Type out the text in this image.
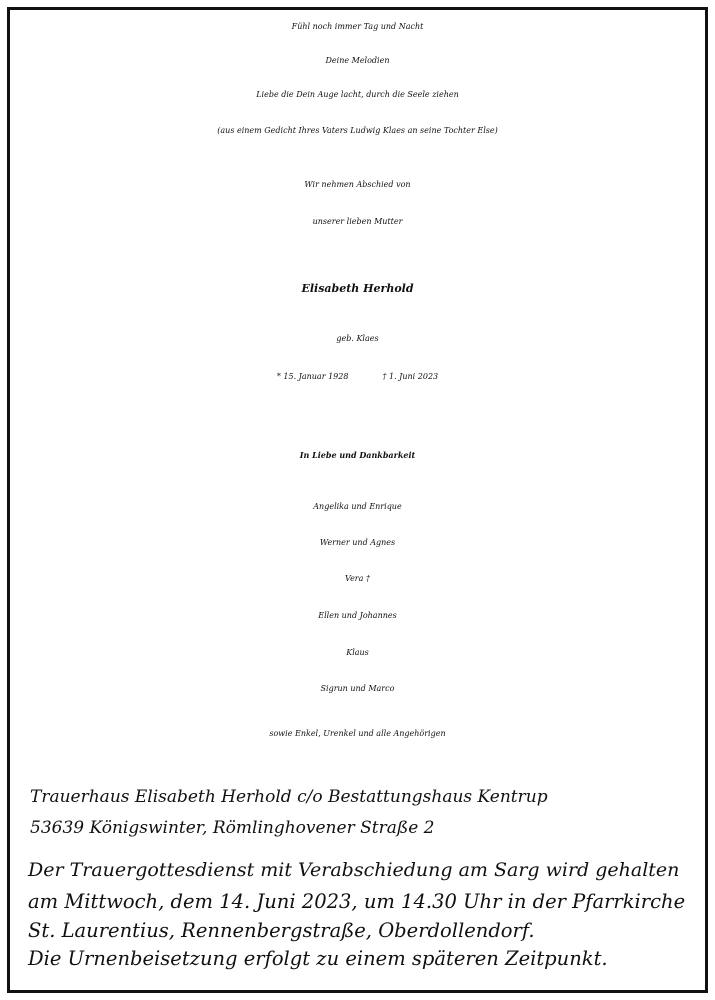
Fühl noch immer Tag und Nacht
Deine Melodien
Liebe die Dein Auge lacht, durch die Seele ziehen
(aus einem Gedicht Ihres Vaters Ludwig Klaes an seine Tochter Else)
Wir nehmen Abschied von
unserer lieben Mutter
Elisabeth Herhold
geb. Klaes
* 15. Januar 1928	† 1. Juni 2023
In Liebe und Dankbarkeit
Angelika und Enrique
Werner und Agnes
Vera †
Ellen und Johannes
Klaus
Sigrun und Marco
sowie Enkel, Urenkel und alle Angehörigen
Trauerhaus Elisabeth Herhold c/o Bestattungshaus Kentrup
53639 Königswinter, Römlinghovener Straße 2
Der Trauergottesdienst mit Verabschiedung am Sarg wird gehalten
am Mittwoch, dem 14. Juni 2023, um 14.30 Uhr in der Pfarrkirche
St. Laurentius, Rennenbergstraße, Oberdollendorf.
Die Urnenbeisetzung erfolgt zu einem späteren Zeitpunkt.
